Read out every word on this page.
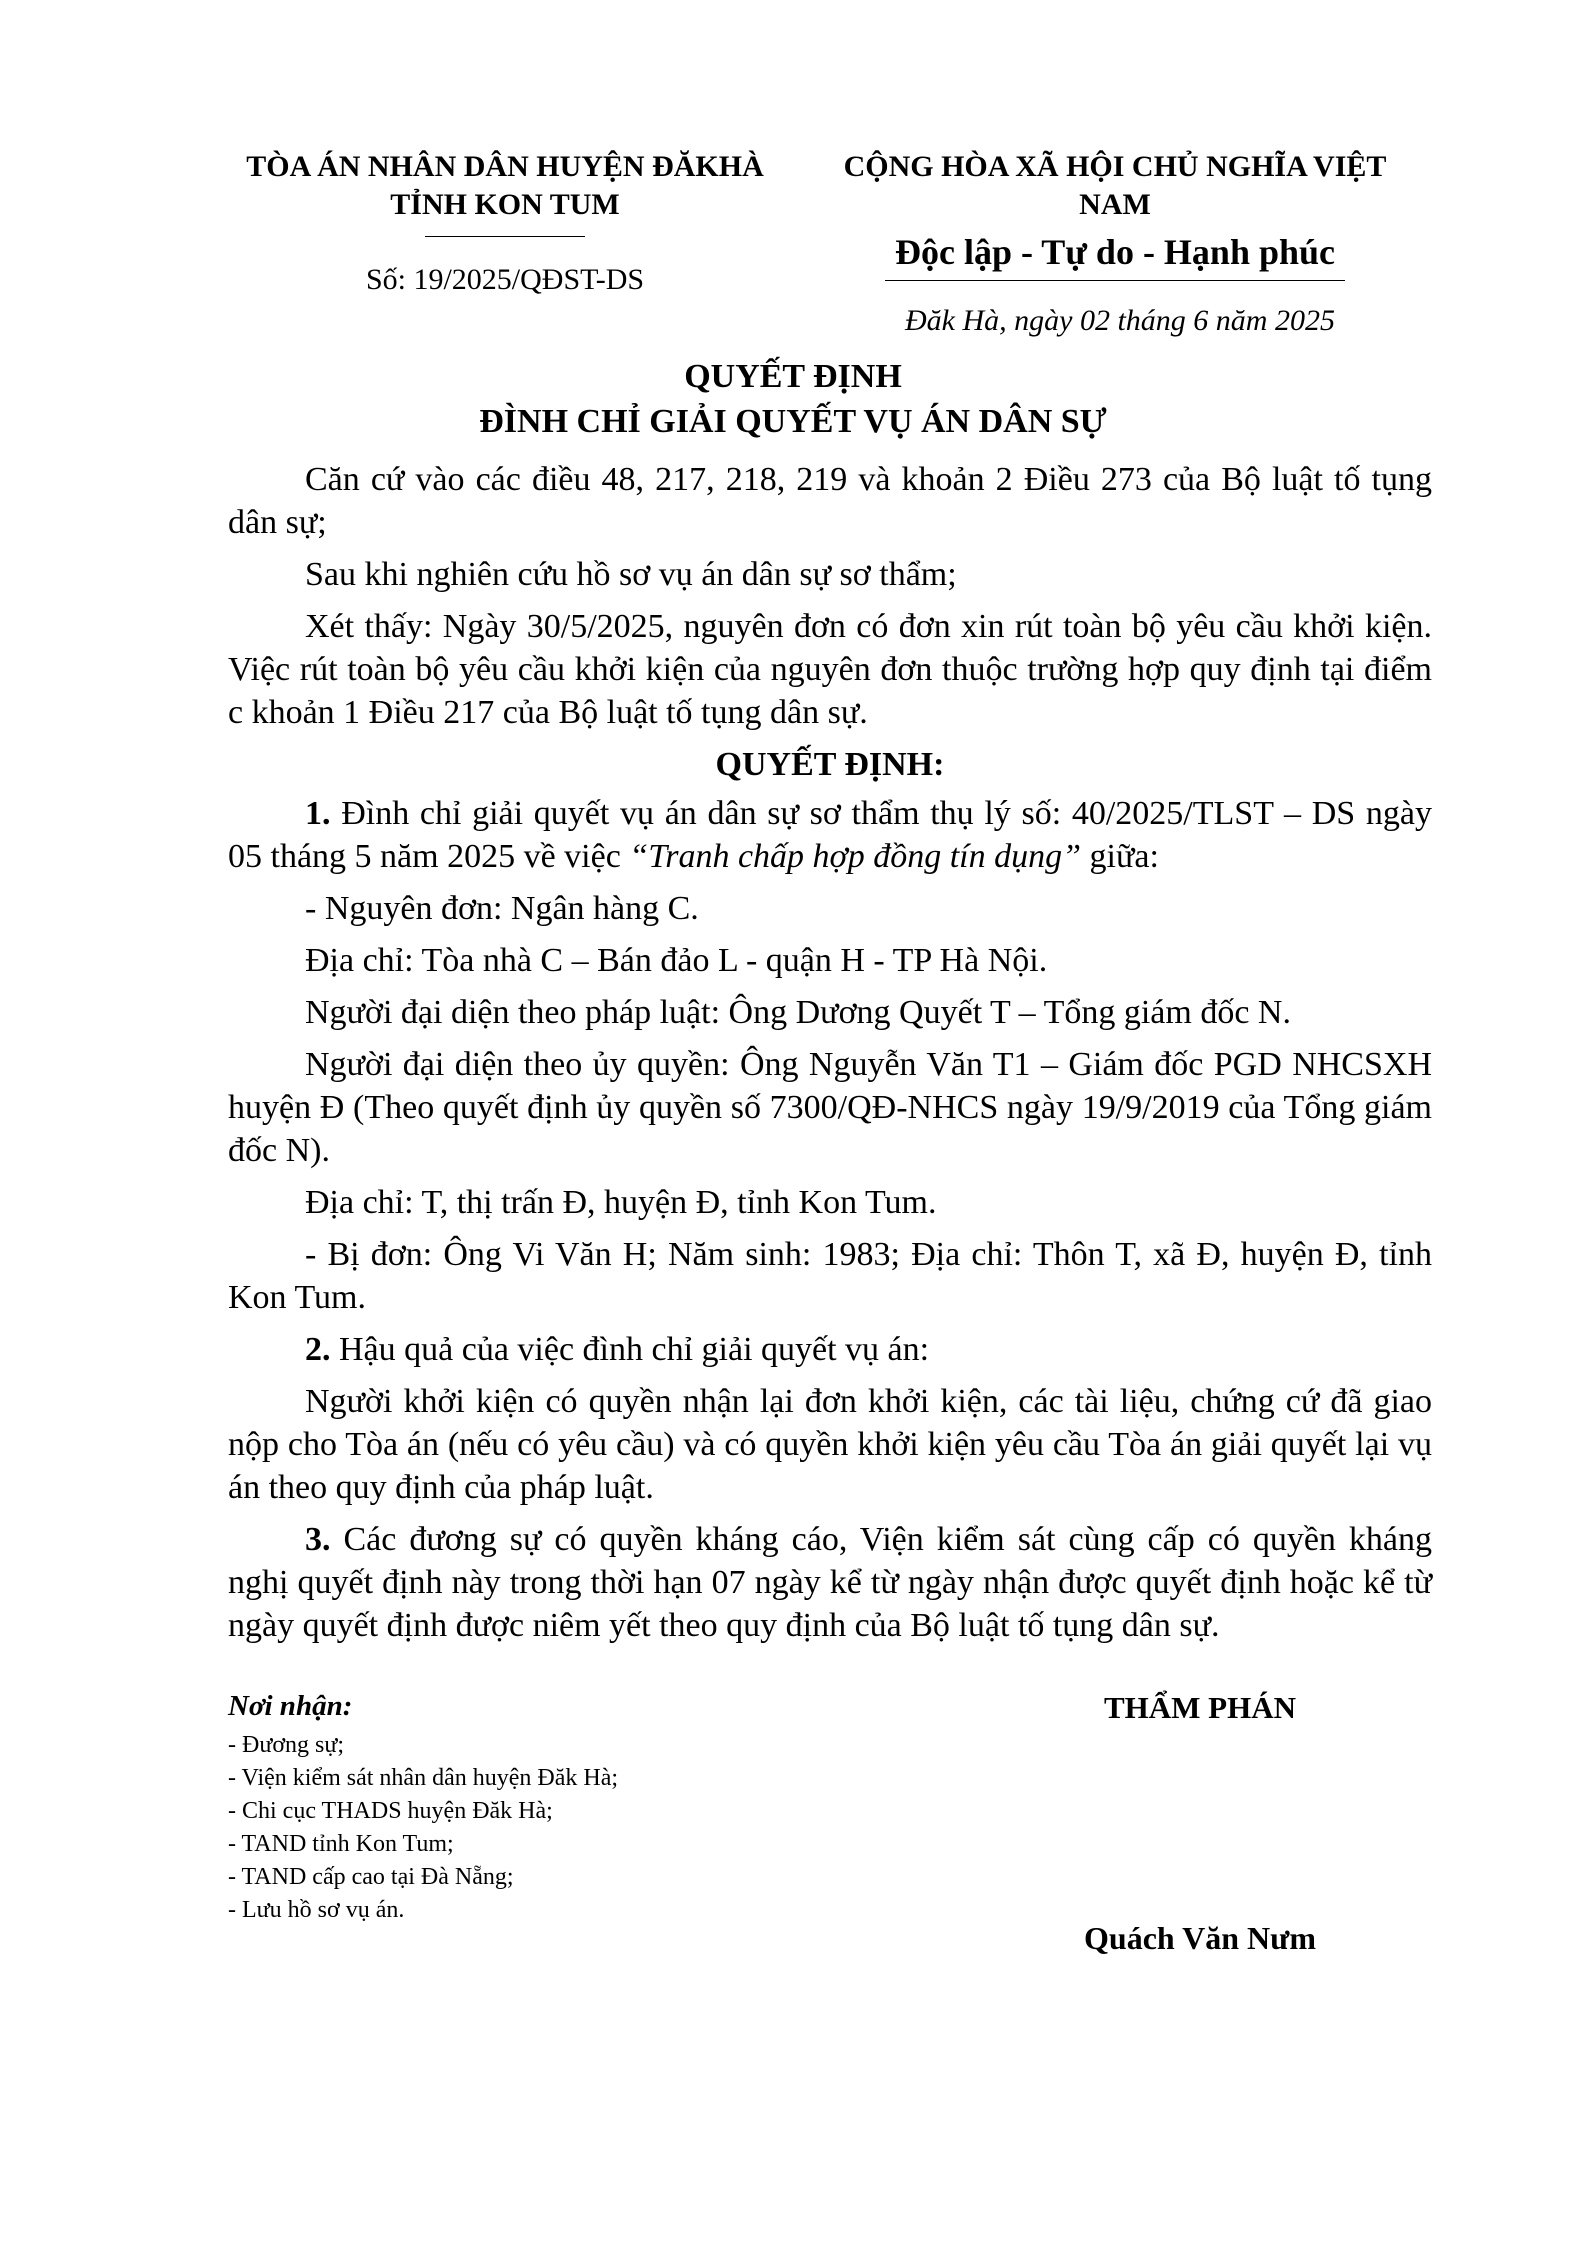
TÒA ÁN NHÂN DÂN HUYỆN ĐĂKHÀ
TỈNH KON TUM
Số: 19/2025/QĐST-DS
CỘNG HÒA XÃ HỘI CHỦ NGHĨA VIỆT
NAM
Độc lập - Tự do - Hạnh phúc
Đăk Hà, ngày 02 tháng 6 năm 2025
QUYẾT ĐỊNH
ĐÌNH CHỈ GIẢI QUYẾT VỤ ÁN DÂN SỰ

Căn cứ vào các điều 48, 217, 218, 219 và khoản 2 Điều 273 của Bộ luật tố tụng dân sự;

Sau khi nghiên cứu hồ sơ vụ án dân sự sơ thẩm;

Xét thấy: Ngày 30/5/2025, nguyên đơn có đơn xin rút toàn bộ yêu cầu khởi kiện. Việc rút toàn bộ yêu cầu khởi kiện của nguyên đơn thuộc trường hợp quy định tại điểm c khoản 1 Điều 217 của Bộ luật tố tụng dân sự.

QUYẾT ĐỊNH:

1. Đình chỉ giải quyết vụ án dân sự sơ thẩm thụ lý số: 40/2025/TLST – DS ngày 05 tháng 5 năm 2025 về việc “Tranh chấp hợp đồng tín dụng” giữa:

- Nguyên đơn: Ngân hàng C.

Địa chỉ: Tòa nhà C – Bán đảo L - quận H - TP Hà Nội.

Người đại diện theo pháp luật: Ông Dương Quyết T – Tổng giám đốc N.

Người đại diện theo ủy quyền: Ông Nguyễn Văn T1 – Giám đốc PGD NHCSXH huyện Đ (Theo quyết định ủy quyền số 7300/QĐ-NHCS ngày 19/9/2019 của Tổng giám đốc N).

Địa chỉ: T, thị trấn Đ, huyện Đ, tỉnh Kon Tum.

- Bị đơn: Ông Vi Văn H; Năm sinh: 1983; Địa chỉ: Thôn T, xã Đ, huyện Đ, tỉnh Kon Tum.

2. Hậu quả của việc đình chỉ giải quyết vụ án:

Người khởi kiện có quyền nhận lại đơn khởi kiện, các tài liệu, chứng cứ đã giao nộp cho Tòa án (nếu có yêu cầu) và có quyền khởi kiện yêu cầu Tòa án giải quyết lại vụ án theo quy định của pháp luật.

3. Các đương sự có quyền kháng cáo, Viện kiểm sát cùng cấp có quyền kháng nghị quyết định này trong thời hạn 07 ngày kể từ ngày nhận được quyết định hoặc kể từ ngày quyết định được niêm yết theo quy định của Bộ luật tố tụng dân sự.

Nơi nhận:
- Đương sự;
- Viện kiểm sát nhân dân huyện Đăk Hà;
- Chi cục THADS huyện Đăk Hà;
- TAND tỉnh Kon Tum;
- TAND cấp cao tại Đà Nẵng;
- Lưu hồ sơ vụ án.
THẨM PHÁN
Quách Văn Nưm
